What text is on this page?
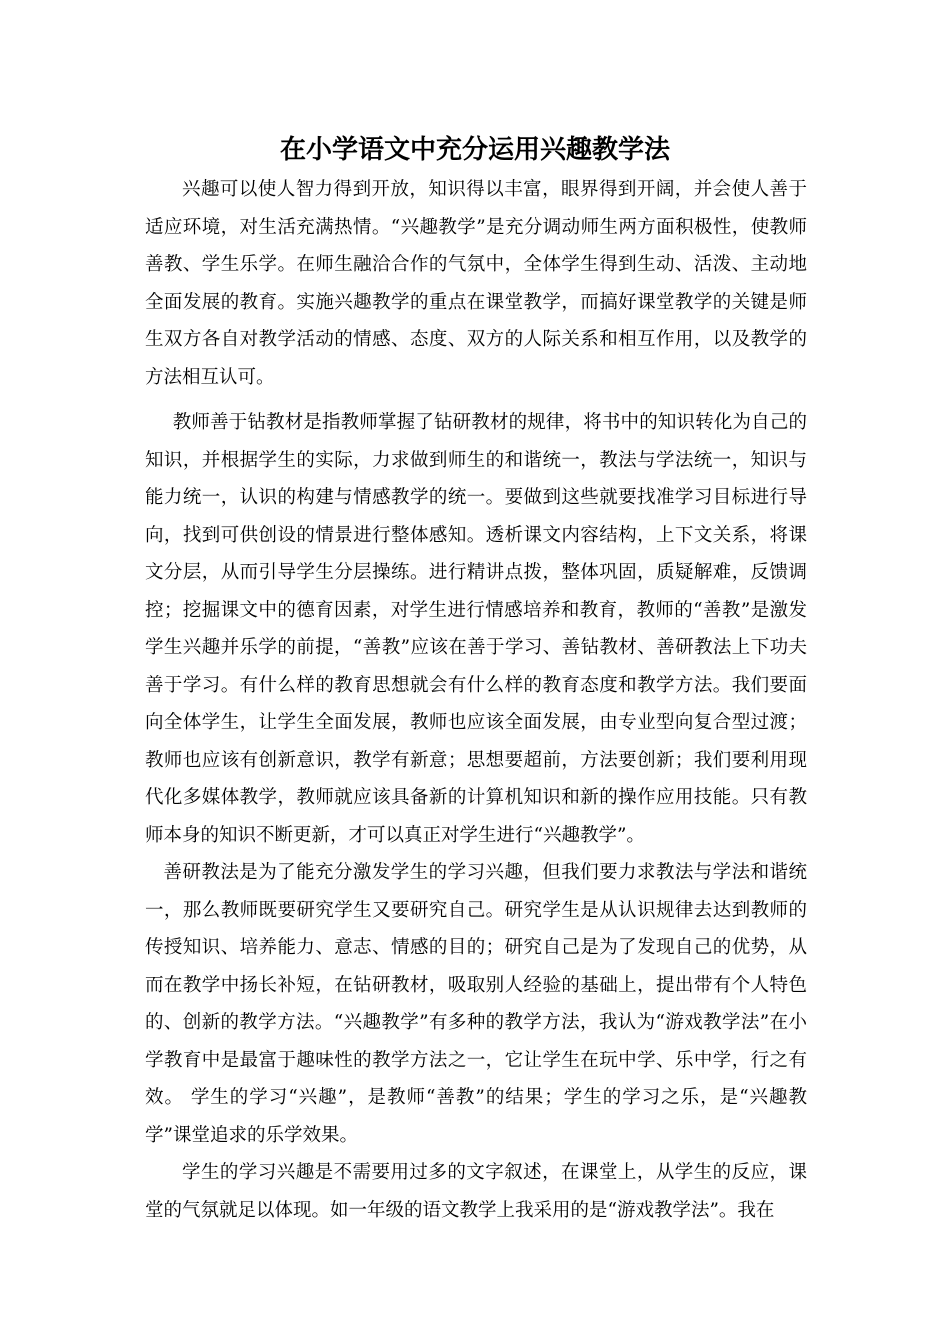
在小学语文中充分运用兴趣教学法

兴趣可以使人智力得到开放，知识得以丰富，眼界得到开阔，并会使人善于适应环境，对生活充满热情。“兴趣教学”是充分调动师生两方面积极性，使教师善教、学生乐学。在师生融洽合作的气氛中，全体学生得到生动、活泼、主动地全面发展的教育。实施兴趣教学的重点在课堂教学，而搞好课堂教学的关键是师生双方各自对教学活动的情感、态度、双方的人际关系和相互作用，以及教学的方法相互认可。

教师善于钻教材是指教师掌握了钻研教材的规律，将书中的知识转化为自己的知识，并根据学生的实际，力求做到师生的和谐统一，教法与学法统一，知识与能力统一，认识的构建与情感教学的统一。要做到这些就要找准学习目标进行导向，找到可供创设的情景进行整体感知。透析课文内容结构，上下文关系，将课文分层，从而引导学生分层操练。进行精讲点拨，整体巩固，质疑解难，反馈调控；挖掘课文中的德育因素，对学生进行情感培养和教育，教师的“善教”是激发学生兴趣并乐学的前提，“善教”应该在善于学习、善钻教材、善研教法上下功夫善于学习。有什么样的教育思想就会有什么样的教育态度和教学方法。我们要面向全体学生，让学生全面发展，教师也应该全面发展，由专业型向复合型过渡；教师也应该有创新意识，教学有新意；思想要超前，方法要创新；我们要利用现代化多媒体教学，教师就应该具备新的计算机知识和新的操作应用技能。只有教师本身的知识不断更新，才可以真正对学生进行“兴趣教学”。

善研教法是为了能充分激发学生的学习兴趣，但我们要力求教法与学法和谐统一，那么教师既要研究学生又要研究自己。研究学生是从认识规律去达到教师的传授知识、培养能力、意志、情感的目的；研究自己是为了发现自己的优势，从而在教学中扬长补短，在钻研教材，吸取别人经验的基础上，提出带有个人特色的、创新的教学方法。“兴趣教学”有多种的教学方法，我认为“游戏教学法”在小学教育中是最富于趣味性的教学方法之一，它让学生在玩中学、乐中学，行之有效。 学生的学习“兴趣”，是教师“善教”的结果；学生的学习之乐，是“兴趣教学”课堂追求的乐学效果。

学生的学习兴趣是不需要用过多的文字叙述，在课堂上，从学生的反应，课堂的气氛就足以体现。如一年级的语文教学上我采用的是“游戏教学法”。我在
